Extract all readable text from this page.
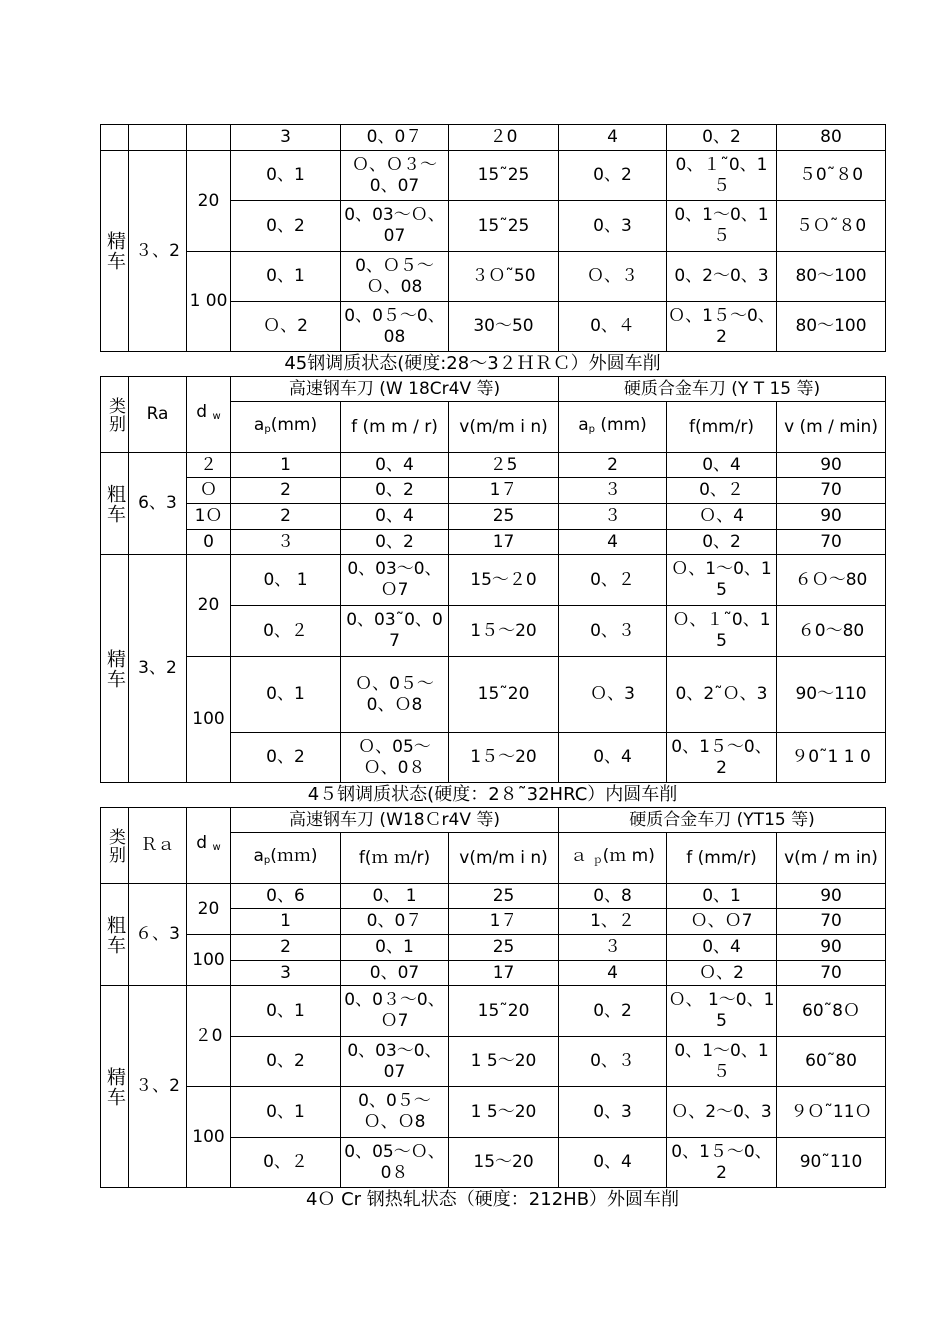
			3	0、0７	２0	4	0、2	80
精车	３、2	20	0、1	Ｏ、Ｏ３～0、07	15˜25	0、2	0、１˜0、1５	５0˜８0
			0、2	0、03～Ｏ、07	15˜25	0、3	0、1～0、1５	５Ｏ˜８0
		1 00	0、1	0、Ｏ５～Ｏ、08	３Ｏ˜50	Ｏ、３	0、2～0、3	80～100
			Ｏ、2	0、0５～0、08	30～50	0、４	Ｏ、1５～0、2	80～100
45钢调质状态(硬度:28～3２ＨＲＣ）外圆车削
类别	Ra	d $_w$	高速钢车刀 (W 18Cr4V 等)			硬质合金车刀 (Y T 15 等)		
			$a_p(mm)$	f (m m / r)	v(m/m i n)	$a_p$ (mm)	f(mm/r)	v (m / min)
粗车	6、3	２	1	0、4	２5	2	0、4	90
		Ｏ	2	0、2	1７	３	0、２	70
		1Ｏ	2	0、4	25	３	Ｏ、4	90
		0	３	0、2	17	4	0、2	70
精车	3、2	20	0、 1	0、03～0、Ｏ7	15～２0	0、２	Ｏ、1～0、15	６Ｏ～80
			0、２	0、03˜0、07	1５～20	0、３	Ｏ、１˜0、15	６0～80
		100	0、1	Ｏ、0５～0、Ｏ8	15˜20	Ｏ、3	0、2˜Ｏ、3	90～110
			0、2	Ｏ、05～Ｏ、0８	1５～20	0、4	0、1５～0、2	９0˜1 1 0
4５钢调质状态(硬度：2８˜32HRC）内圆车削
类别	Ｒａ	d $_w$	高速钢车刀 (W18Ｃr4V 等)			硬质合金车刀 (YT15 等)		
			$a_p(mm)$	f(ｍ ｍ/r)	v(m/m i n)	ａ $_p$(ｍ m)	f (mm/r)	v(m / m in)
粗车	６、3	20	0、6	0、 1	25	0、8	0、1	90
			1	0、0７	1７	1、２	Ｏ、Ｏ7	70
		100	2	0、1	25	３	0、4	90
			3	0、07	17	4	Ｏ、2	70
精车	３、2	２0	0、1	0、0３～0、Ｏ7	15˜20	0、2	Ｏ、 1～0、15	60˜8Ｏ
			0、2	0、03～0、07	1 5～20	0、３	0、1～0、1５	60˜80
		100	0、1	0、0５～Ｏ、Ｏ8	1 5～20	0、3	Ｏ、2～0、3	９Ｏ˜11Ｏ
			0、２	0、05～Ｏ、0８	15～20	0、4	0、1５～0、2	90˜110
4Ｏ Cr 钢热轧状态（硬度：212HB）外圆车削
